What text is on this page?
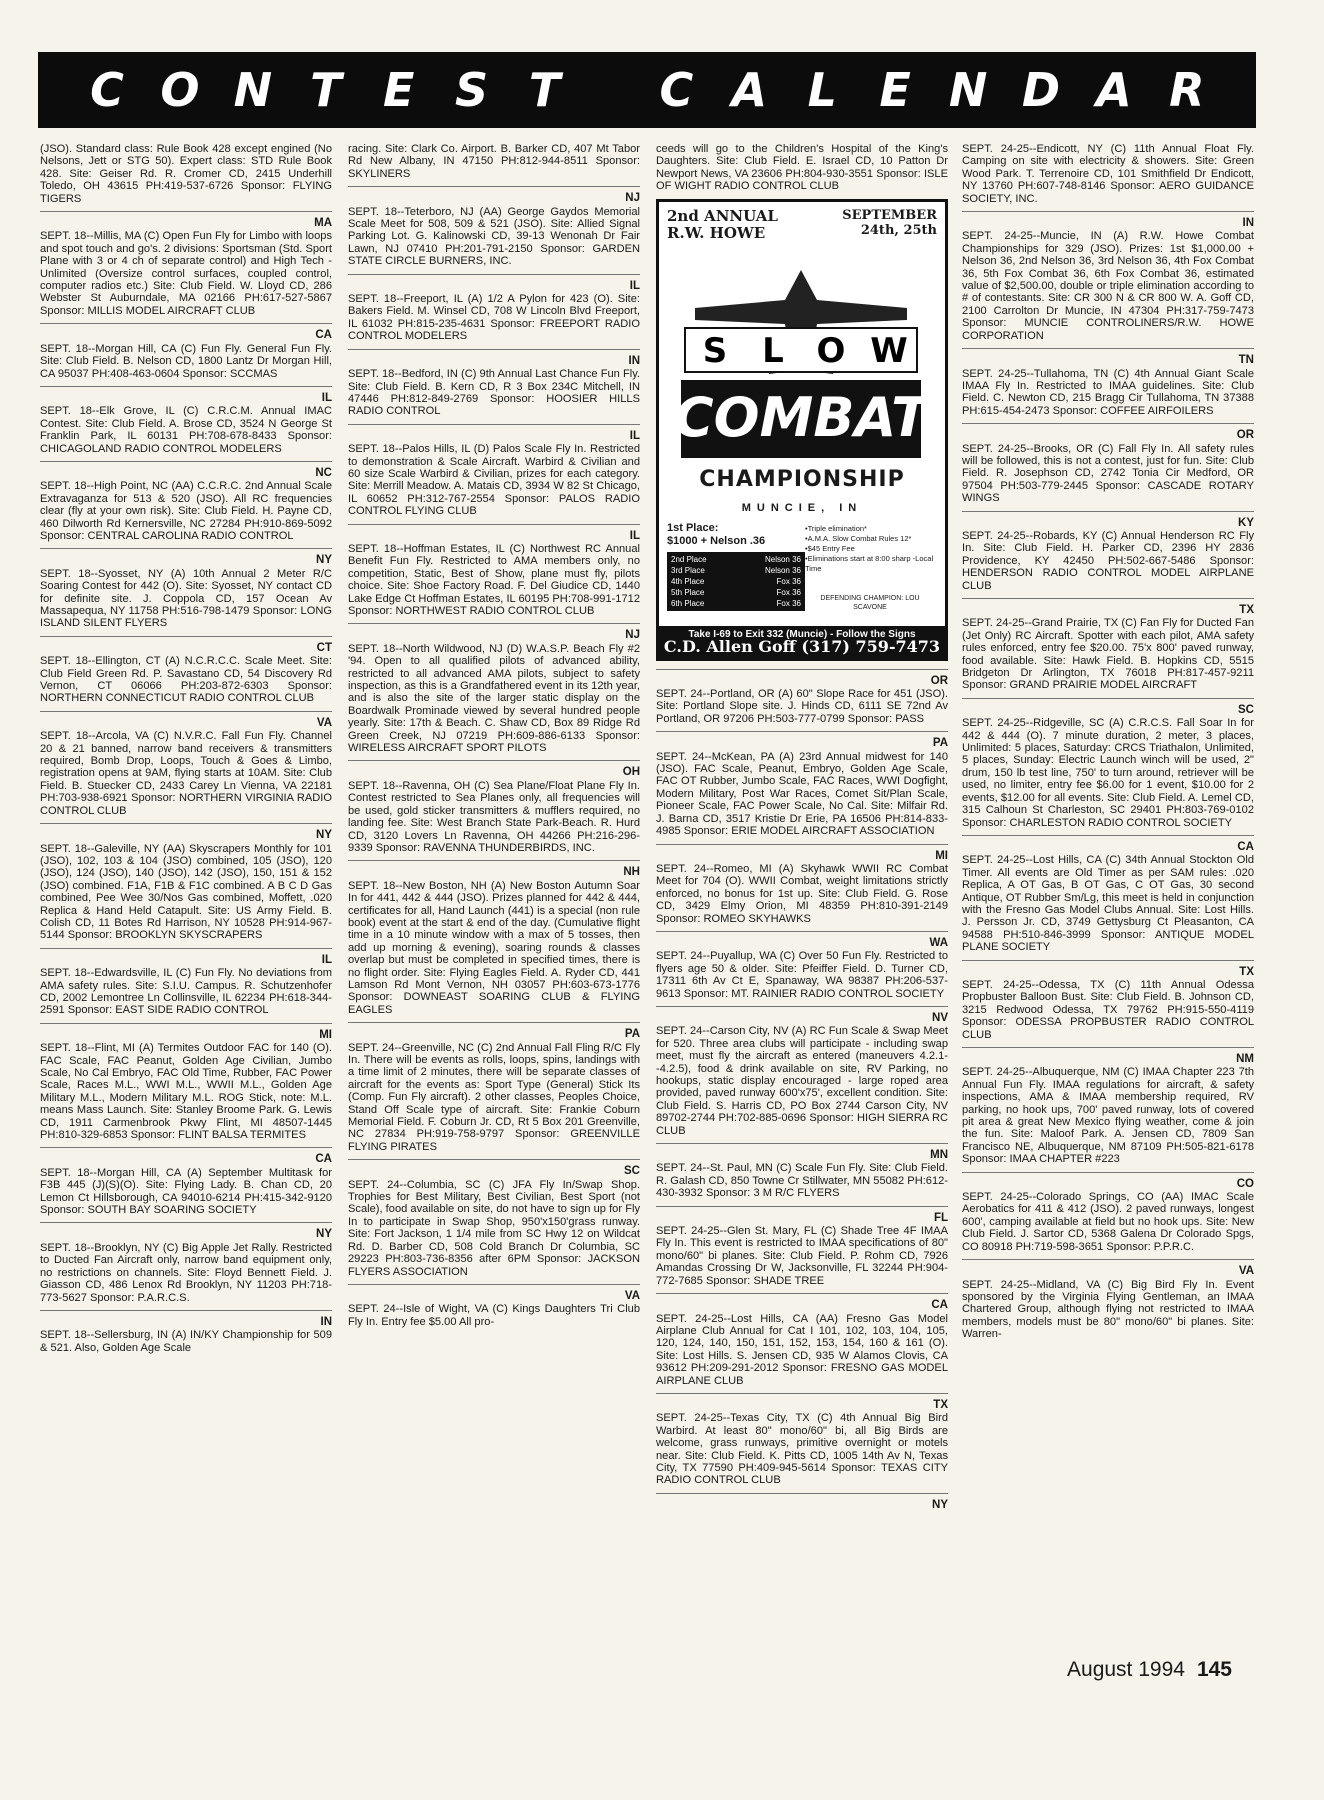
C O N T E S T	C A L E N D A R
(JSO). Standard class: Rule Book 428 except engined (No Nelsons, Jett or STG 50). Expert class: STD Rule Book 428. Site: Geiser Rd. R. Cromer CD, 2415 Underhill Toledo, OH 43615 PH:419-537-6726 Sponsor: FLYING TIGERS
MA
SEPT. 18--Millis, MA (C) Open Fun Fly for Limbo with loops and spot touch and go's. 2 divisions: Sportsman (Std. Sport Plane with 3 or 4 ch of separate control) and High Tech - Unlimited (Oversize control surfaces, coupled control, computer radios etc.) Site: Club Field. W. Lloyd CD, 286 Webster St Auburndale, MA 02166 PH:617-527-5867 Sponsor: MILLIS MODEL AIRCRAFT CLUB
CA
SEPT. 18--Morgan Hill, CA (C) Fun Fly. General Fun Fly. Site: Club Field. B. Nelson CD, 1800 Lantz Dr Morgan Hill, CA 95037 PH:408-463-0604 Sponsor: SCCMAS
IL
SEPT. 18--Elk Grove, IL (C) C.R.C.M. Annual IMAC Contest. Site: Club Field. A. Brose CD, 3524 N George St Franklin Park, IL 60131 PH:708-678-8433 Sponsor: CHICAGOLAND RADIO CONTROL MODELERS
NC
SEPT. 18--High Point, NC (AA) C.C.R.C. 2nd Annual Scale Extravaganza for 513 & 520 (JSO). All RC frequencies clear (fly at your own risk). Site: Club Field. H. Payne CD, 460 Dilworth Rd Kernersville, NC 27284 PH:910-869-5092 Sponsor: CENTRAL CAROLINA RADIO CONTROL
NY
SEPT. 18--Syosset, NY (A) 10th Annual 2 Meter R/C Soaring Contest for 442 (O). Site: Syosset, NY contact CD for definite site. J. Coppola CD, 157 Ocean Av Massapequa, NY 11758 PH:516-798-1479 Sponsor: LONG ISLAND SILENT FLYERS
CT
SEPT. 18--Ellington, CT (A) N.C.R.C.C. Scale Meet. Site: Club Field Green Rd. P. Savastano CD, 54 Discovery Rd Vernon, CT 06066 PH:203-872-6303 Sponsor: NORTHERN CONNECTICUT RADIO CONTROL CLUB
VA
SEPT. 18--Arcola, VA (C) N.V.R.C. Fall Fun Fly. Channel 20 & 21 banned, narrow band receivers & transmitters required, Bomb Drop, Loops, Touch & Goes & Limbo, registration opens at 9AM, flying starts at 10AM. Site: Club Field. B. Stuecker CD, 2433 Carey Ln Vienna, VA 22181 PH:703-938-6921 Sponsor: NORTHERN VIRGINIA RADIO CONTROL CLUB
NY
SEPT. 18--Galeville, NY (AA) Skyscrapers Monthly for 101 (JSO), 102, 103 & 104 (JSO) combined, 105 (JSO), 120 (JSO), 124 (JSO), 140 (JSO), 142 (JSO), 150, 151 & 152 (JSO) combined. F1A, F1B & F1C combined. A B C D Gas combined, Pee Wee 30/Nos Gas combined, Moffett, .020 Replica & Hand Held Catapult. Site: US Army Field. B. Colish CD, 11 Botes Rd Harrison, NY 10528 PH:914-967-5144 Sponsor: BROOKLYN SKYSCRAPERS
IL
SEPT. 18--Edwardsville, IL (C) Fun Fly. No deviations from AMA safety rules. Site: S.I.U. Campus. R. Schutzenhofer CD, 2002 Lemontree Ln Collinsville, IL 62234 PH:618-344-2591 Sponsor: EAST SIDE RADIO CONTROL
MI
SEPT. 18--Flint, MI (A) Termites Outdoor FAC for 140 (O). FAC Scale, FAC Peanut, Golden Age Civilian, Jumbo Scale, No Cal Embryo, FAC Old Time, Rubber, FAC Power Scale, Races M.L., WWI M.L., WWII M.L., Golden Age Military M.L., Modern Military M.L. ROG Stick, note: M.L. means Mass Launch. Site: Stanley Broome Park. G. Lewis CD, 1911 Carmenbrook Pkwy Flint, MI 48507-1445 PH:810-329-6853 Sponsor: FLINT BALSA TERMITES
CA
SEPT. 18--Morgan Hill, CA (A) September Multitask for F3B 445 (J)(S)(O). Site: Flying Lady. B. Chan CD, 20 Lemon Ct Hillsborough, CA 94010-6214 PH:415-342-9120 Sponsor: SOUTH BAY SOARING SOCIETY
NY
SEPT. 18--Brooklyn, NY (C) Big Apple Jet Rally. Restricted to Ducted Fan Aircraft only, narrow band equipment only, no restrictions on channels. Site: Floyd Bennett Field. J. Giasson CD, 486 Lenox Rd Brooklyn, NY 11203 PH:718-773-5627 Sponsor: P.A.R.C.S.
IN
SEPT. 18--Sellersburg, IN (A) IN/KY Championship for 509 & 521. Also, Golden Age Scale
racing. Site: Clark Co. Airport. B. Barker CD, 407 Mt Tabor Rd New Albany, IN 47150 PH:812-944-8511 Sponsor: SKYLINERS
NJ
SEPT. 18--Teterboro, NJ (AA) George Gaydos Memorial Scale Meet for 508, 509 & 521 (JSO). Site: Allied Signal Parking Lot. G. Kalinowski CD, 39-13 Wenonah Dr Fair Lawn, NJ 07410 PH:201-791-2150 Sponsor: GARDEN STATE CIRCLE BURNERS, INC.
IL
SEPT. 18--Freeport, IL (A) 1/2 A Pylon for 423 (O). Site: Bakers Field. M. Winsel CD, 708 W Lincoln Blvd Freeport, IL 61032 PH:815-235-4631 Sponsor: FREEPORT RADIO CONTROL MODELERS
IN
SEPT. 18--Bedford, IN (C) 9th Annual Last Chance Fun Fly. Site: Club Field. B. Kern CD, R 3 Box 234C Mitchell, IN 47446 PH:812-849-2769 Sponsor: HOOSIER HILLS RADIO CONTROL
IL
SEPT. 18--Palos Hills, IL (D) Palos Scale Fly In. Restricted to demonstration & Scale Aircraft. Warbird & Civilian and 60 size Scale Warbird & Civilian, prizes for each category. Site: Merrill Meadow. A. Matais CD, 3934 W 82 St Chicago, IL 60652 PH:312-767-2554 Sponsor: PALOS RADIO CONTROL FLYING CLUB
IL
SEPT. 18--Hoffman Estates, IL (C) Northwest RC Annual Benefit Fun Fly. Restricted to AMA members only, no competition, Static, Best of Show, plane must fly, pilots choice. Site: Shoe Factory Road. F. Del Giudice CD, 1440 Lake Edge Ct Hoffman Estates, IL 60195 PH:708-991-1712 Sponsor: NORTHWEST RADIO CONTROL CLUB
NJ
SEPT. 18--North Wildwood, NJ (D) W.A.S.P. Beach Fly #2 '94. Open to all qualified pilots of advanced ability, restricted to all advanced AMA pilots, subject to safety inspection, as this is a Grandfathered event in its 12th year, and is also the site of the larger static display on the Boardwalk Prominade viewed by several hundred people yearly. Site: 17th & Beach. C. Shaw CD, Box 89 Ridge Rd Green Creek, NJ 07219 PH:609-886-6133 Sponsor: WIRELESS AIRCRAFT SPORT PILOTS
OH
SEPT. 18--Ravenna, OH (C) Sea Plane/Float Plane Fly In. Contest restricted to Sea Planes only, all frequencies will be used, gold sticker transmitters & mufflers required, no landing fee. Site: West Branch State Park-Beach. R. Hurd CD, 3120 Lovers Ln Ravenna, OH 44266 PH:216-296-9339 Sponsor: RAVENNA THUNDERBIRDS, INC.
NH
SEPT. 18--New Boston, NH (A) New Boston Autumn Soar In for 441, 442 & 444 (JSO). Prizes planned for 442 & 444, certificates for all, Hand Launch (441) is a special (non rule book) event at the start & end of the day. (Cumulative flight time in a 10 minute window with a max of 5 tosses, then add up morning & evening), soaring rounds & classes overlap but must be completed in specified times, there is no flight order. Site: Flying Eagles Field. A. Ryder CD, 441 Lamson Rd Mont Vernon, NH 03057 PH:603-673-1776 Sponsor: DOWNEAST SOARING CLUB & FLYING EAGLES
PA
SEPT. 24--Greenville, NC (C) 2nd Annual Fall Fling R/C Fly In. There will be events as rolls, loops, spins, landings with a time limit of 2 minutes, there will be separate classes of aircraft for the events as: Sport Type (General) Stick Its (Comp. Fun Fly aircraft). 2 other classes, Peoples Choice, Stand Off Scale type of aircraft. Site: Frankie Coburn Memorial Field. F. Coburn Jr. CD, Rt 5 Box 201 Greenville, NC 27834 PH:919-758-9797 Sponsor: GREENVILLE FLYING PIRATES
SC
SEPT. 24--Columbia, SC (C) JFA Fly In/Swap Shop. Trophies for Best Military, Best Civilian, Best Sport (not Scale), food available on site, do not have to sign up for Fly In to participate in Swap Shop, 950'x150'grass runway. Site: Fort Jackson, 1 1/4 mile from SC Hwy 12 on Wildcat Rd. D. Barber CD, 508 Cold Branch Dr Columbia, SC 29223 PH:803-736-8356 after 6PM Sponsor: JACKSON FLYERS ASSOCIATION
VA
SEPT. 24--Isle of Wight, VA (C) Kings Daughters Tri Club Fly In. Entry fee $5.00 All pro-
ceeds will go to the Children's Hospital of the King's Daughters. Site: Club Field. E. Israel CD, 10 Patton Dr Newport News, VA 23606 PH:804-930-3551 Sponsor: ISLE OF WIGHT RADIO CONTROL CLUB
2nd ANNUAL
R.W. HOWE
SEPTEMBER
24th, 25th
S L O W
COMBAT
CHAMPIONSHIP
MUNCIE, IN
1st Place:
$1000 + Nelson .36
2nd Place	Nelson 36
3rd Place	Nelson 36
4th Place	Fox 36
5th Place	Fox 36
6th Place	Fox 36
•Triple elimination*
•A.M.A. Slow Combat Rules 12*
•$45 Entry Fee
•Eliminations start at 8:00 sharp -Local Time
DEFENDING CHAMPION: LOU SCAVONE
Take I-69 to Exit 332 (Muncie) - Follow the Signs
C.D. Allen Goff (317) 759-7473
OR
SEPT. 24--Portland, OR (A) 60" Slope Race for 451 (JSO). Site: Portland Slope site. J. Hinds CD, 6111 SE 72nd Av Portland, OR 97206 PH:503-777-0799 Sponsor: PASS
PA
SEPT. 24--McKean, PA (A) 23rd Annual midwest for 140 (JSO). FAC Scale, Peanut, Embryo, Golden Age Scale, FAC OT Rubber, Jumbo Scale, FAC Races, WWI Dogfight, Modern Military, Post War Races, Comet Sit/Plan Scale, Pioneer Scale, FAC Power Scale, No Cal. Site: Milfair Rd. J. Barna CD, 3517 Kristie Dr Erie, PA 16506 PH:814-833-4985 Sponsor: ERIE MODEL AIRCRAFT ASSOCIATION
MI
SEPT. 24--Romeo, MI (A) Skyhawk WWII RC Combat Meet for 704 (O). WWII Combat, weight limitations strictly enforced, no bonus for 1st up. Site: Club Field. G. Rose CD, 3429 Elmy Orion, MI 48359 PH:810-391-2149 Sponsor: ROMEO SKYHAWKS
WA
SEPT. 24--Puyallup, WA (C) Over 50 Fun Fly. Restricted to flyers age 50 & older. Site: Pfeiffer Field. D. Turner CD, 17311 6th Av Ct E, Spanaway, WA 98387 PH:206-537-9613 Sponsor: MT. RAINIER RADIO CONTROL SOCIETY
NV
SEPT. 24--Carson City, NV (A) RC Fun Scale & Swap Meet for 520. Three area clubs will participate - including swap meet, must fly the aircraft as entered (maneuvers 4.2.1--4.2.5), food & drink available on site, RV Parking, no hookups, static display encouraged - large roped area provided, paved runway 600'x75', excellent condition. Site: Club Field. S. Harris CD, PO Box 2744 Carson City, NV 89702-2744 PH:702-885-0696 Sponsor: HIGH SIERRA RC CLUB
MN
SEPT. 24--St. Paul, MN (C) Scale Fun Fly. Site: Club Field. R. Galash CD, 850 Towne Cr Stillwater, MN 55082 PH:612-430-3932 Sponsor: 3 M R/C FLYERS
FL
SEPT. 24-25--Glen St. Mary, FL (C) Shade Tree 4F IMAA Fly In. This event is restricted to IMAA specifications of 80" mono/60" bi planes. Site: Club Field. P. Rohm CD, 7926 Amandas Crossing Dr W, Jacksonville, FL 32244 PH:904-772-7685 Sponsor: SHADE TREE
CA
SEPT. 24-25--Lost Hills, CA (AA) Fresno Gas Model Airplane Club Annual for Cat I 101, 102, 103, 104, 105, 120, 124, 140, 150, 151, 152, 153, 154, 160 & 161 (O). Site: Lost Hills. S. Jensen CD, 935 W Alamos Clovis, CA 93612 PH:209-291-2012 Sponsor: FRESNO GAS MODEL AIRPLANE CLUB
TX
SEPT. 24-25--Texas City, TX (C) 4th Annual Big Bird Warbird. At least 80" mono/60" bi, all Big Birds are welcome, grass runways, primitive overnight or motels near. Site: Club Field. K. Pitts CD, 1005 14th Av N, Texas City, TX 77590 PH:409-945-5614 Sponsor: TEXAS CITY RADIO CONTROL CLUB
NY
SEPT. 24-25--Endicott, NY (C) 11th Annual Float Fly. Camping on site with electricity & showers. Site: Green Wood Park. T. Terrenoire CD, 101 Smithfield Dr Endicott, NY 13760 PH:607-748-8146 Sponsor: AERO GUIDANCE SOCIETY, INC.
IN
SEPT. 24-25--Muncie, IN (A) R.W. Howe Combat Championships for 329 (JSO). Prizes: 1st $1,000.00 + Nelson 36, 2nd Nelson 36, 3rd Nelson 36, 4th Fox Combat 36, 5th Fox Combat 36, 6th Fox Combat 36, estimated value of $2,500.00, double or triple elimination according to # of contestants. Site: CR 300 N & CR 800 W. A. Goff CD, 2100 Carrolton Dr Muncie, IN 47304 PH:317-759-7473 Sponsor: MUNCIE CONTROLINERS/R.W. HOWE CORPORATION
TN
SEPT. 24-25--Tullahoma, TN (C) 4th Annual Giant Scale IMAA Fly In. Restricted to IMAA guidelines. Site: Club Field. C. Newton CD, 215 Bragg Cir Tullahoma, TN 37388 PH:615-454-2473 Sponsor: COFFEE AIRFOILERS
OR
SEPT. 24-25--Brooks, OR (C) Fall Fly In. All safety rules will be followed, this is not a contest, just for fun. Site: Club Field. R. Josephson CD, 2742 Tonia Cir Medford, OR 97504 PH:503-779-2445 Sponsor: CASCADE ROTARY WINGS
KY
SEPT. 24-25--Robards, KY (C) Annual Henderson RC Fly In. Site: Club Field. H. Parker CD, 2396 HY 2836 Providence, KY 42450 PH:502-667-5486 Sponsor: HENDERSON RADIO CONTROL MODEL AIRPLANE CLUB
TX
SEPT. 24-25--Grand Prairie, TX (C) Fan Fly for Ducted Fan (Jet Only) RC Aircraft. Spotter with each pilot, AMA safety rules enforced, entry fee $20.00. 75'x 800' paved runway, food available. Site: Hawk Field. B. Hopkins CD, 5515 Bridgeton Dr Arlington, TX 76018 PH:817-457-9211 Sponsor: GRAND PRAIRIE MODEL AIRCRAFT
SC
SEPT. 24-25--Ridgeville, SC (A) C.R.C.S. Fall Soar In for 442 & 444 (O). 7 minute duration, 2 meter, 3 places, Unlimited: 5 places, Saturday: CRCS Triathalon, Unlimited, 5 places, Sunday: Electric Launch winch will be used, 2" drum, 150 lb test line, 750' to turn around, retriever will be used, no limiter, entry fee $6.00 for 1 event, $10.00 for 2 events, $12.00 for all events. Site: Club Field. A. Lemel CD, 315 Calhoun St Charleston, SC 29401 PH:803-769-0102 Sponsor: CHARLESTON RADIO CONTROL SOCIETY
CA
SEPT. 24-25--Lost Hills, CA (C) 34th Annual Stockton Old Timer. All events are Old Timer as per SAM rules: .020 Replica, A OT Gas, B OT Gas, C OT Gas, 30 second Antique, OT Rubber Sm/Lg, this meet is held in conjunction with the Fresno Gas Model Clubs Annual. Site: Lost Hills. J. Persson Jr. CD, 3749 Gettysburg Ct Pleasanton, CA 94588 PH:510-846-3999 Sponsor: ANTIQUE MODEL PLANE SOCIETY
TX
SEPT. 24-25--Odessa, TX (C) 11th Annual Odessa Propbuster Balloon Bust. Site: Club Field. B. Johnson CD, 3215 Redwood Odessa, TX 79762 PH:915-550-4119 Sponsor: ODESSA PROPBUSTER RADIO CONTROL CLUB
NM
SEPT. 24-25--Albuquerque, NM (C) IMAA Chapter 223 7th Annual Fun Fly. IMAA regulations for aircraft, & safety inspections, AMA & IMAA membership required, RV parking, no hook ups, 700' paved runway, lots of covered pit area & great New Mexico flying weather, come & join the fun. Site: Maloof Park. A. Jensen CD, 7809 San Francisco NE, Albuquerque, NM 87109 PH:505-821-6178 Sponsor: IMAA CHAPTER #223
CO
SEPT. 24-25--Colorado Springs, CO (AA) IMAC Scale Aerobatics for 411 & 412 (JSO). 2 paved runways, longest 600', camping available at field but no hook ups. Site: New Club Field. J. Sartor CD, 5368 Galena Dr Colorado Spgs, CO 80918 PH:719-598-3651 Sponsor: P.P.R.C.
VA
SEPT. 24-25--Midland, VA (C) Big Bird Fly In. Event sponsored by the Virginia Flying Gentleman, an IMAA Chartered Group, although flying not restricted to IMAA members, models must be 80" mono/60" bi planes. Site: Warren-
August 1994 145
